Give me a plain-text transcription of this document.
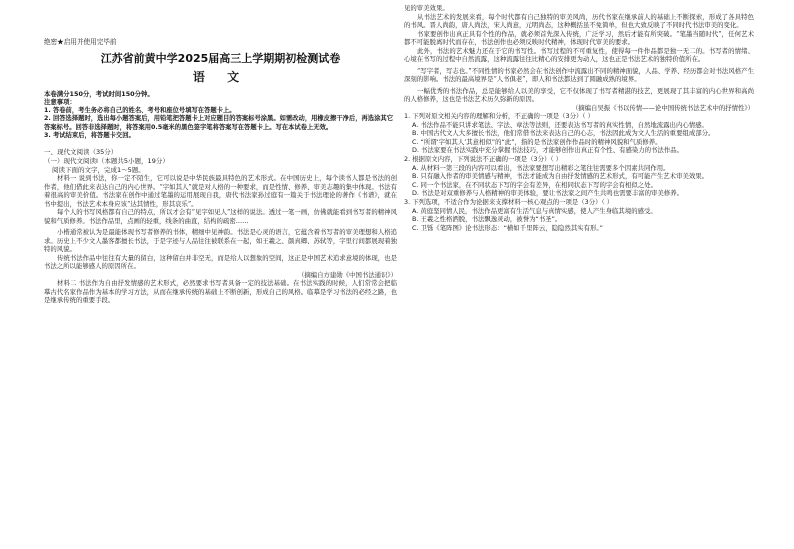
绝密★启用并使用完毕前

江苏省前黄中学2025届高三上学期期初检测试卷
语 文

本卷满分150分，考试时间150分钟。

注意事项：

1. 答卷前，考生务必将自己的姓名、考号和座位号填写在答题卡上。

2. 回答选择题时，选出每小题答案后，用铅笔把答题卡上对应题目的答案标号涂黑。如需改动，用橡皮擦干净后，再选涂其它答案标号。回答非选择题时，将答案用0.5毫米的黑色签字笔将答案写在答题卡上。写在本试卷上无效。

3. 考试结束后，将答题卡交回。

一、现代文阅读（35分）

（一）现代文阅读Ⅰ（本题共5小题，19分）

阅读下面的文字，完成1～5题。

材料一 说到书法，你一定不陌生，它可以说是中华民族最具特色的艺术形式。在中国历史上，每个读书人都是书法的创作者，他们借此来表达自己的内心世界。“字如其人”就是对人格的一种要求，而是性情、修养、审美志趣的集中体现。书法有着很高的审美价值。书法家在创作中通过笔墨的运用展现自我，唐代书法家孙过庭有一篇关于书法理论的著作《书谱》，就在书中提出，书法艺术本身应该“达其情性，形其哀乐”。

每个人的书写风格都有自己的特点，所以才会有“见字如见人”这样的说法。透过一笔一画，仿佛就能看到书写者的精神风貌和气质修养。书法作品里，点画的轻重，线条的曲直，结构的疏密……

小楷通常被认为是最能体现书写者修养的书体，精细中见神韵。书法是心灵的语言，它蕴含着书写者的审美理想和人格追求。历史上不少文人墨客都擅长书法，于是字迹与人品往往被联系在一起，如王羲之、颜真卿、苏轼等，字里行间都展现着独特的风貌。

传统书法作品中往往有大量的留白，这种留白并非空无，而是给人以想象的空间，这正是中国艺术追求意境的体现，也是书法之所以能够感人的原因所在。

（摘编自方建勋《中国书法通识》）

材料二 书法作为自由抒发情感的艺术形式，必然要求书写者具备一定的技法基础。在书法实践的时候，人们常常会把临摹古代名家作品作为基本的学习方法，从而在继承传统的基础上不断创新，形成自己的风格。临摹是学习书法的必经之路，也是继承传统的重要手段。

见的审美效果。

从书法艺术的发展来看，每个时代都有自己独特的审美风尚，历代书家在继承前人的基础上不断探索，形成了各具特色的书风。晋人尚韵，唐人尚法，宋人尚意，元明尚态，这种概括虽不免简单，但也大致反映了不同时代书法审美的变化。

书家要创作出真正具有个性的作品，就必须首先深入传统，广泛学习，然后才能有所突破。“笔墨当随时代”，任何艺术都不可能脱离时代而存在，书法创作也必须反映时代精神，体现时代审美的要求。

此外，书法的艺术魅力还在于它的书写性。书写过程的不可重复性，使得每一件作品都是独一无二的。书写者的情绪、心境在书写的过程中自然流露，这种流露往往比精心的安排更为动人，这也正是书法艺术的独特价值所在。

“写字者，写志也。”不同性情的书家必然会在书法创作中流露出不同的精神面貌，人品、学养、经历都会对书法风格产生深刻的影响。书法的最高境界是“人书俱老”，即人和书法都达到了圆融成熟的境界。

一幅优秀的书法作品，总是能够给人以美的享受，它不仅体现了书写者精湛的技艺，更展现了其丰富的内心世界和高尚的人格修养，这也是书法艺术历久弥新的原因。

（摘编自吴振《书以传情——论中国传统书法艺术中的抒情性》）

1. 下列对原文相关内容的理解和分析，不正确的一项是（3分）（ ）

A. 书法作品不能只讲求笔法、字法、章法等法则，还要表达书写者的真实性情，自然地流露出内心情感。

B. 中国古代文人大多擅长书法，他们常借书法来表达自己的心志，书法因此成为文人生活的重要组成部分。

C. “所谓‘字如其人’其意相似”的“此”，指的是书法家创作作品时的精神风貌和气质修养。

D. 书法家要在书法实践中充分掌握书法技巧，才能够创作出真正有个性、有感染力的书法作品。

2. 根据原文内容，下列说法不正确的一项是（3分）（ ）

A. 从材料一第三段的内容可以看出，书法家要想写出精彩之笔往往需要多个因素共同作用。

B. 只有融入作者的审美情感与精神，书法才能成为自由抒发情感的艺术形式，有可能产生艺术审美效果。

C. 同一个书法家，在不同状态下写的字会有差异，在相同状态下写的字会有相似之处。

D. 书法是对双重修养与人格精神的审美体验，要让书法家之间产生共鸣也需要丰富的审美修养。

3. 下列选项，不适合作为论据来支撑材料一核心观点的一项是（3分）（ ）

A. 黄庭坚同情人民，书法作品更富有生活气息与真情实感，使人产生身临其境的感受。

B. 王羲之性格洒脱，书法飘逸灵动，被誉为“书圣”。

C. 卫铄《笔阵图》论书法形态：“横如千里阵云，隐隐然其实有形。”
